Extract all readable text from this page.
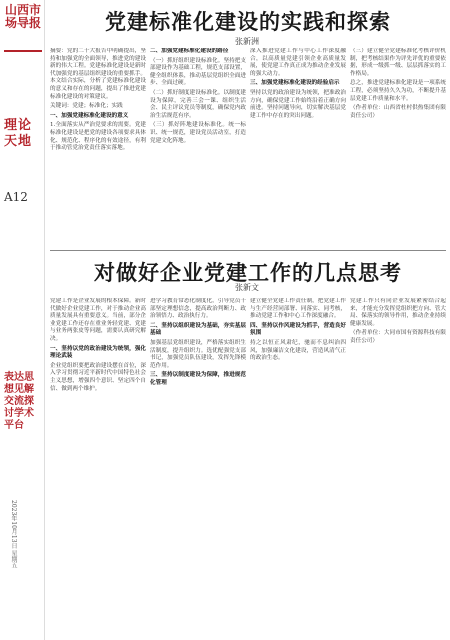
山西市场导报
理论天地
A12
表达思想见解 交流探讨学术平台
2023年10月13日 星期五
党建标准化建设的实践和探索
张新洲

摘要：党的二十大报告中明确提出，坚持和加强党的全面领导，推进党的建设新的伟大工程。党建标准化建设是新时代加强党的基层组织建设的重要抓手。本文结合实际，分析了党建标准化建设的意义和存在的问题，提出了推进党建标准化建设的对策建议。

关键词：党建；标准化；实践

一、加强党建标准化建设的意义

1.全面落实从严治党要求的需要。党建标准化建设是把党的建设各项要求具体化、规范化、程序化的有效途径，有利于推动管党治党责任落实落地。

二、加强党建标准化建设的路径

（一）抓好组织建设标准化。坚持把支部建设作为基础工程，规范支部设置，健全组织体系，推动基层党组织全面进步、全面过硬。

（二）抓好制度建设标准化。以制度建设为保障，完善三会一课、组织生活会、民主评议党员等制度，确保党内政治生活规范有序。

（三）抓好阵地建设标准化。统一标识、统一规范，建设党员活动室，打造党建文化阵地。

深入推进党建工作与中心工作深度融合，以高质量党建引领企业高质量发展，使党建工作真正成为推动企业发展的强大动力。

三、加强党建标准化建设的经验启示

坚持以党的政治建设为统领，把准政治方向，确保党建工作始终沿着正确方向前进。坚持问题导向，切实解决基层党建工作中存在的突出问题。

（三）建立健全党建标准化考核评价机制，把考核结果作为评先评优的重要依据，形成一级抓一级、层层抓落实的工作格局。

总之，推进党建标准化建设是一项系统工程，必须坚持久久为功，不断提升基层党建工作质量和水平。

（作者单位：山西省杜村供热集团有限责任公司）

对做好企业党建工作的几点思考
张新文

党建工作是企业发展的根本保障。新时代做好企业党建工作，对于推动企业高质量发展具有重要意义。当前，部分企业党建工作还存在重业务轻党建、党建与业务两张皮等问题，需要认真研究解决。

一、坚持以党的政治建设为统领，强化理论武装

企业党组织要把政治建设摆在首位，深入学习贯彻习近平新时代中国特色社会主义思想，增强四个意识、坚定四个自信、做到两个维护。

进学习教育常态化制度化，引导党员干部坚定理想信念，提高政治判断力、政治领悟力、政治执行力。

二、坚持以组织建设为基础，夯实基层基础

加强基层党组织建设，严格落实组织生活制度，提升组织力。选优配强党支部书记，加强党员队伍建设，发挥先锋模范作用。

三、坚持以制度建设为保障，推进规范化管理

建立健全党建工作责任制，把党建工作与生产经营同部署、同落实、同考核，推动党建工作和中心工作深度融合。

四、坚持以作风建设为抓手，营造良好氛围

持之以恒正风肃纪，驰而不息纠治四风，加强廉洁文化建设，营造风清气正的政治生态。

党建工作只有同企业发展紧密结合起来，才能充分发挥党组织把方向、管大局、保落实的领导作用，推动企业持续健康发展。

（作者单位：大同市国有资源科技有限责任公司）
